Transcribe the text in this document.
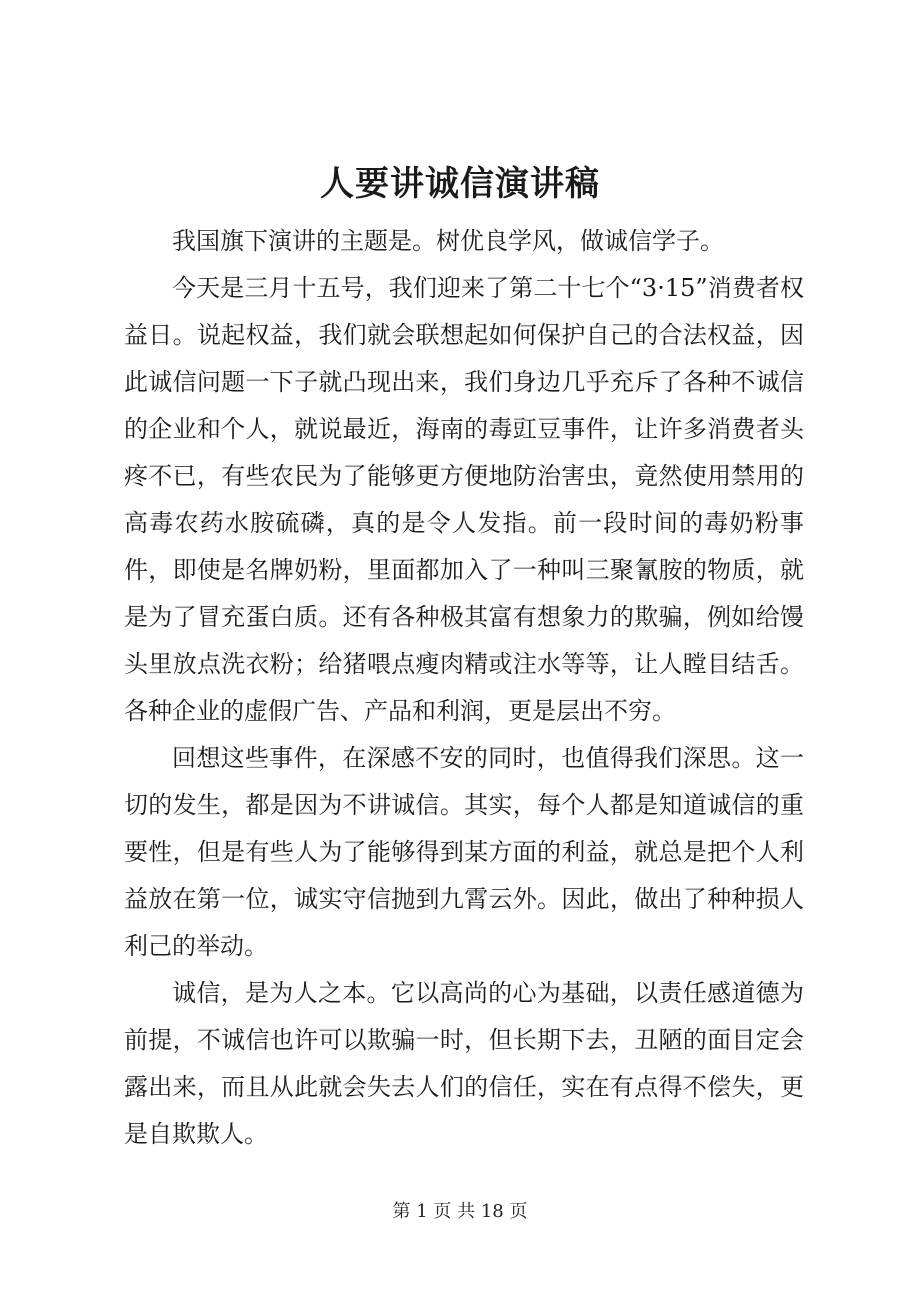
人要讲诚信演讲稿

我国旗下演讲的主题是。树优良学风，做诚信学子。

今天是三月十五号，我们迎来了第二十七个“3·15”消费者权益日。说起权益，我们就会联想起如何保护自己的合法权益，因此诚信问题一下子就凸现出来，我们身边几乎充斥了各种不诚信的企业和个人，就说最近，海南的毒豇豆事件，让许多消费者头疼不已，有些农民为了能够更方便地防治害虫，竟然使用禁用的高毒农药水胺硫磷，真的是令人发指。前一段时间的毒奶粉事件，即使是名牌奶粉，里面都加入了一种叫三聚氰胺的物质，就是为了冒充蛋白质。还有各种极其富有想象力的欺骗，例如给馒头里放点洗衣粉；给猪喂点瘦肉精或注水等等，让人瞠目结舌。各种企业的虚假广告、产品和利润，更是层出不穷。

回想这些事件，在深感不安的同时，也值得我们深思。这一切的发生，都是因为不讲诚信。其实，每个人都是知道诚信的重要性，但是有些人为了能够得到某方面的利益，就总是把个人利益放在第一位，诚实守信抛到九霄云外。因此，做出了种种损人利己的举动。

诚信，是为人之本。它以高尚的心为基础，以责任感道德为前提，不诚信也许可以欺骗一时，但长期下去，丑陋的面目定会露出来，而且从此就会失去人们的信任，实在有点得不偿失，更是自欺欺人。

第 1 页 共 18 页
